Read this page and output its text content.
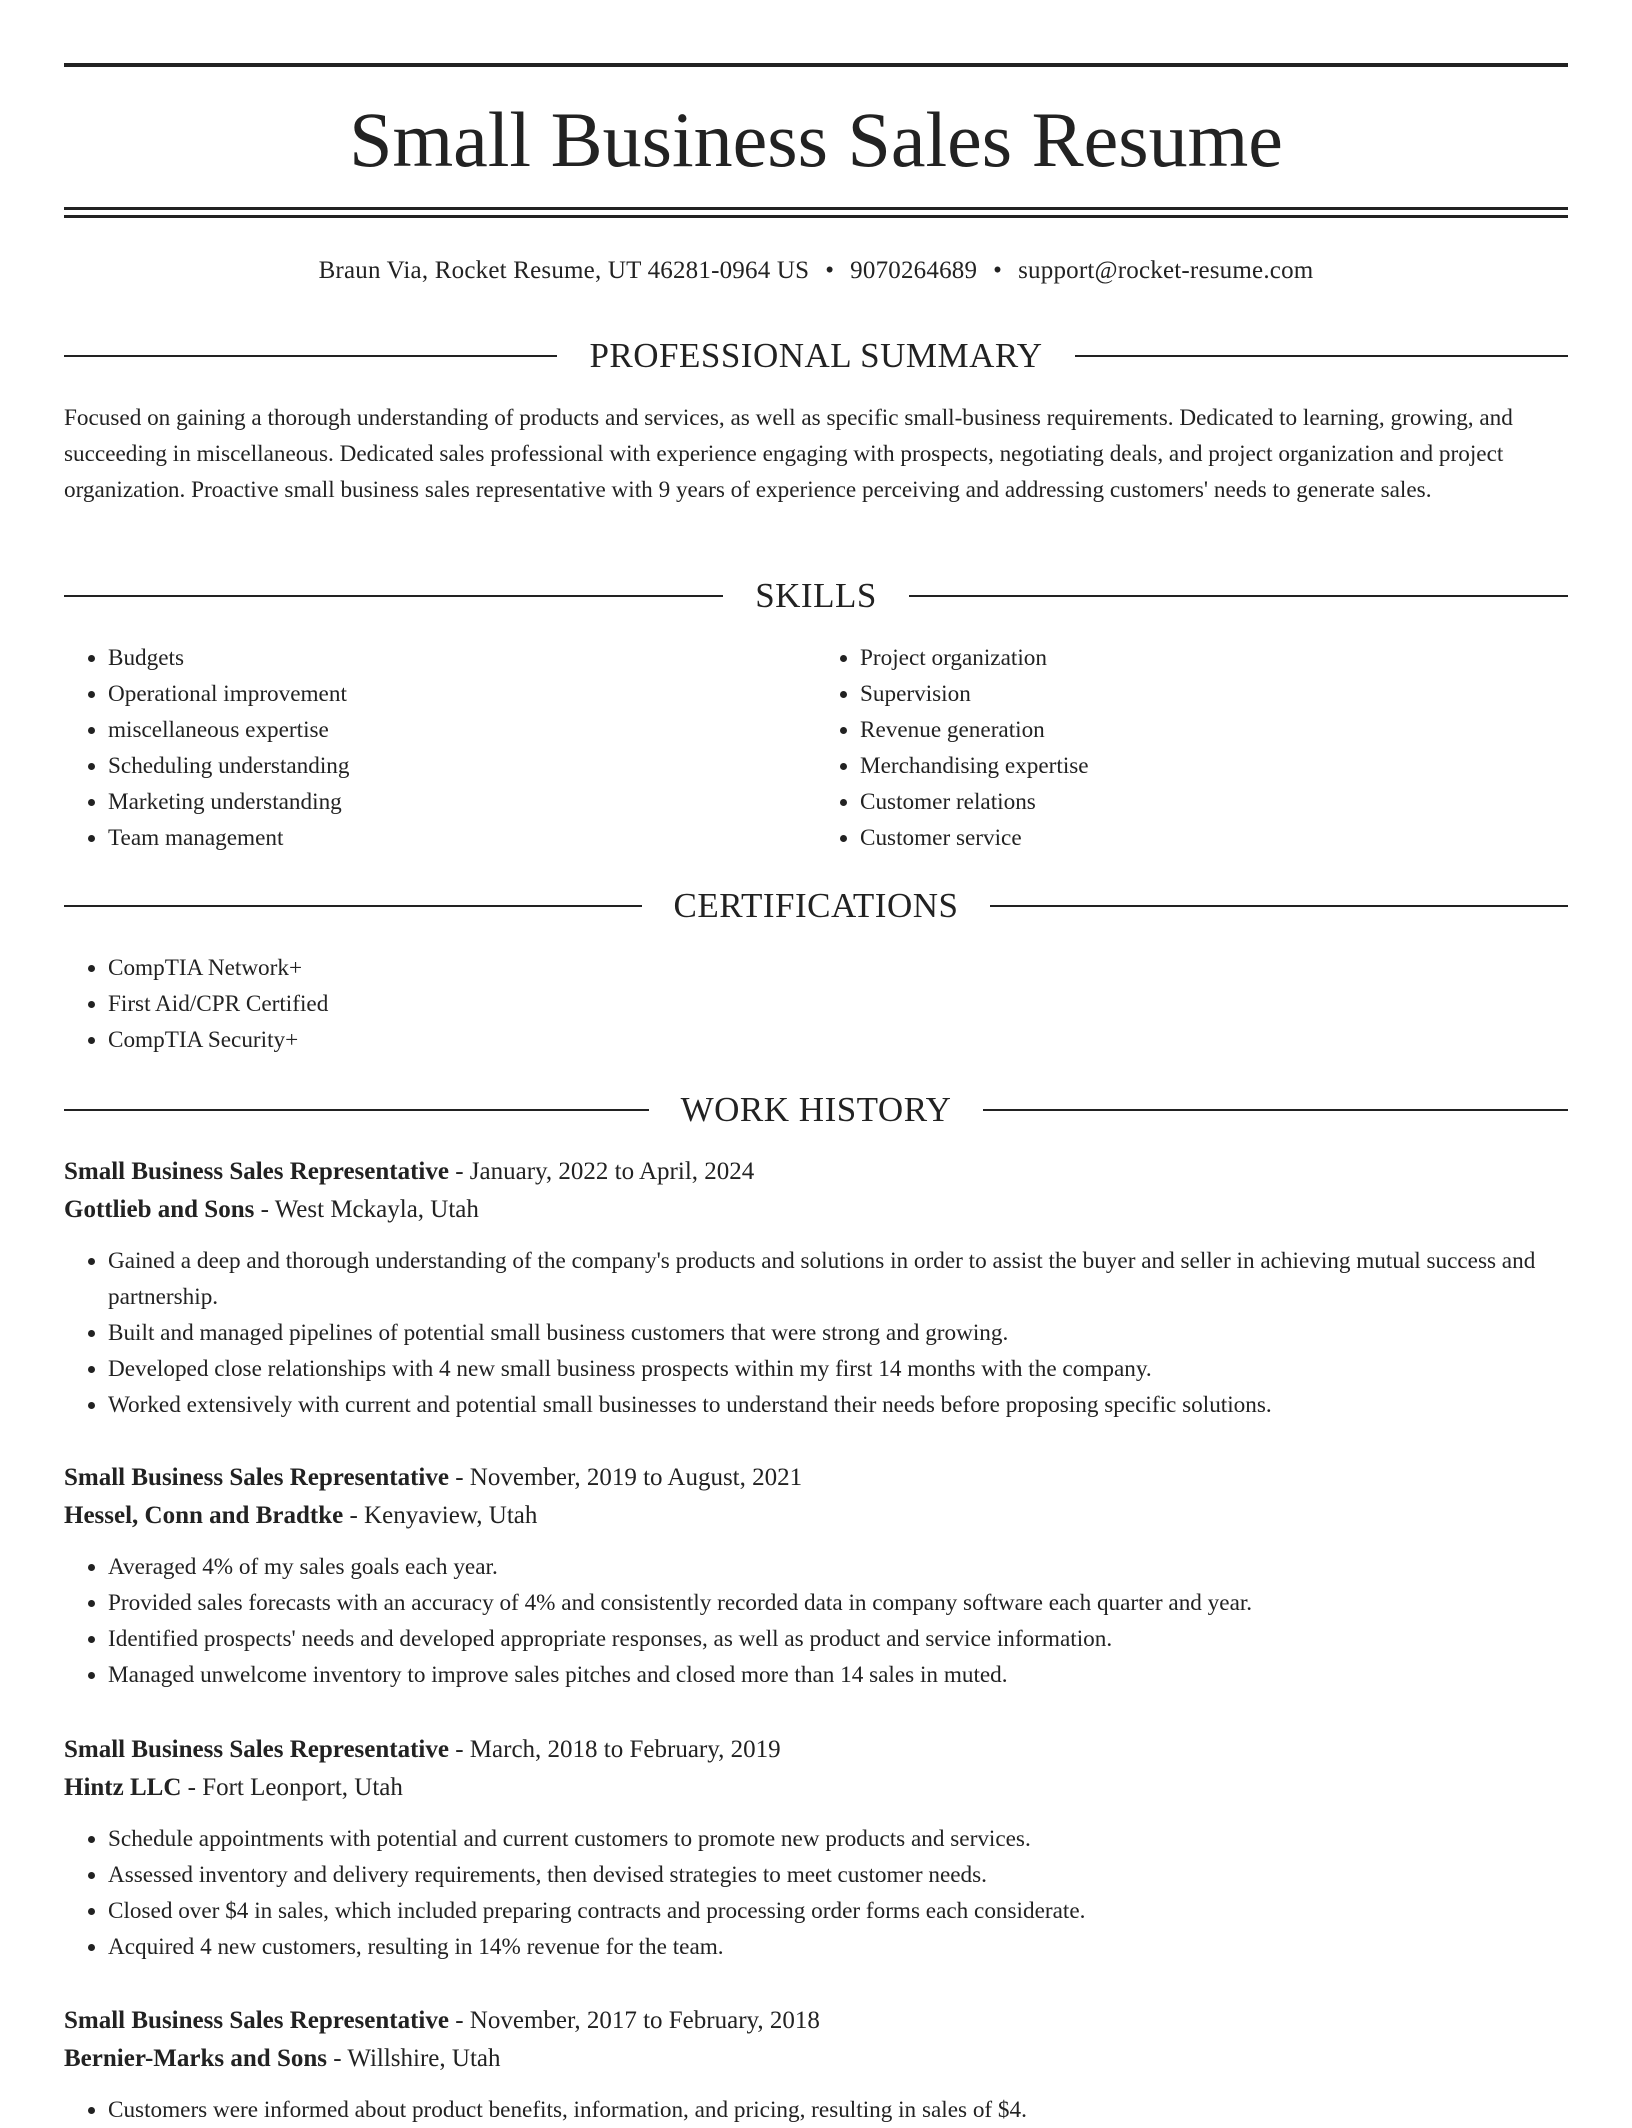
Small Business Sales Resume
Braun Via, Rocket Resume, UT 46281-0964 US • 9070264689 • support@rocket-resume.com
PROFESSIONAL SUMMARY
Focused on gaining a thorough understanding of products and services, as well as specific small-business requirements. Dedicated to learning, growing, and succeeding in miscellaneous. Dedicated sales professional with experience engaging with prospects, negotiating deals, and project organization and project organization. Proactive small business sales representative with 9 years of experience perceiving and addressing customers' needs to generate sales.
SKILLS
• Budgets
• Operational improvement
• miscellaneous expertise
• Scheduling understanding
• Marketing understanding
• Team management
• Project organization
• Supervision
• Revenue generation
• Merchandising expertise
• Customer relations
• Customer service
CERTIFICATIONS
• CompTIA Network+
• First Aid/CPR Certified
• CompTIA Security+
WORK HISTORY
Small Business Sales Representative - January, 2022 to April, 2024
Gottlieb and Sons - West Mckayla, Utah
• Gained a deep and thorough understanding of the company's products and solutions in order to assist the buyer and seller in achieving mutual success and partnership.
• Built and managed pipelines of potential small business customers that were strong and growing.
• Developed close relationships with 4 new small business prospects within my first 14 months with the company.
• Worked extensively with current and potential small businesses to understand their needs before proposing specific solutions.
Small Business Sales Representative - November, 2019 to August, 2021
Hessel, Conn and Bradtke - Kenyaview, Utah
• Averaged 4% of my sales goals each year.
• Provided sales forecasts with an accuracy of 4% and consistently recorded data in company software each quarter and year.
• Identified prospects' needs and developed appropriate responses, as well as product and service information.
• Managed unwelcome inventory to improve sales pitches and closed more than 14 sales in muted.
Small Business Sales Representative - March, 2018 to February, 2019
Hintz LLC - Fort Leonport, Utah
• Schedule appointments with potential and current customers to promote new products and services.
• Assessed inventory and delivery requirements, then devised strategies to meet customer needs.
• Closed over $4 in sales, which included preparing contracts and processing order forms each considerate.
• Acquired 4 new customers, resulting in 14% revenue for the team.
Small Business Sales Representative - November, 2017 to February, 2018
Bernier-Marks and Sons - Willshire, Utah
• Customers were informed about product benefits, information, and pricing, resulting in sales of $4.
